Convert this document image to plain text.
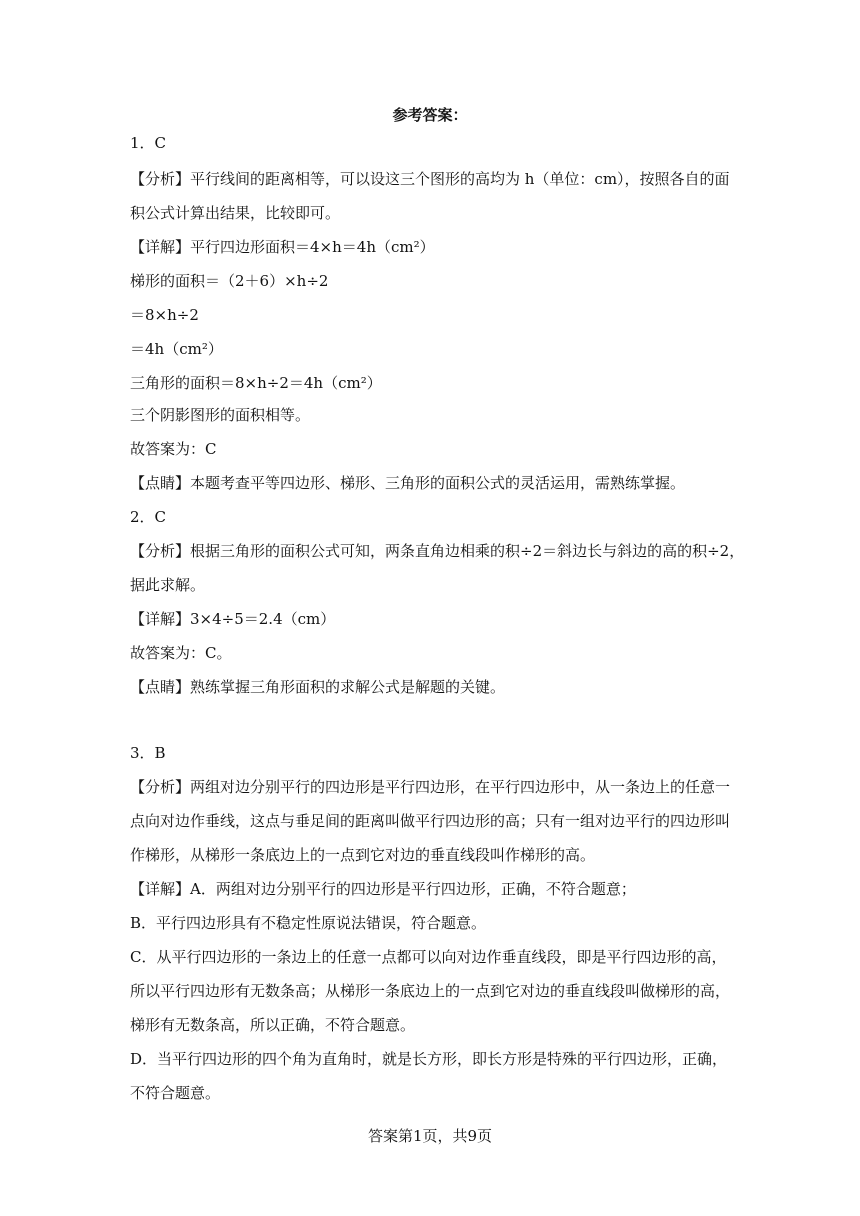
参考答案：
1．C
【分析】平行线间的距离相等，可以设这三个图形的高均为 h（单位：cm），按照各自的面
积公式计算出结果，比较即可。
【详解】平行四边形面积＝4×h＝4h（cm²）
梯形的面积＝（2＋6）×h÷2
＝8×h÷2
＝4h（cm²）
三角形的面积＝8×h÷2＝4h（cm²）
三个阴影图形的面积相等。
故答案为：C
【点睛】本题考查平等四边形、梯形、三角形的面积公式的灵活运用，需熟练掌握。
2．C
【分析】根据三角形的面积公式可知，两条直角边相乘的积÷2＝斜边长与斜边的高的积÷2，
据此求解。
【详解】3×4÷5＝2.4（cm）
故答案为：C。
【点睛】熟练掌握三角形面积的求解公式是解题的关键。
3．B
【分析】两组对边分别平行的四边形是平行四边形，在平行四边形中，从一条边上的任意一
点向对边作垂线，这点与垂足间的距离叫做平行四边形的高；只有一组对边平行的四边形叫
作梯形，从梯形一条底边上的一点到它对边的垂直线段叫作梯形的高。
【详解】A．两组对边分别平行的四边形是平行四边形，正确，不符合题意；
B．平行四边形具有不稳定性原说法错误，符合题意。
C．从平行四边形的一条边上的任意一点都可以向对边作垂直线段，即是平行四边形的高，
所以平行四边形有无数条高；从梯形一条底边上的一点到它对边的垂直线段叫做梯形的高，
梯形有无数条高，所以正确，不符合题意。
D．当平行四边形的四个角为直角时，就是长方形，即长方形是特殊的平行四边形，正确，
不符合题意。
答案第1页，共9页
